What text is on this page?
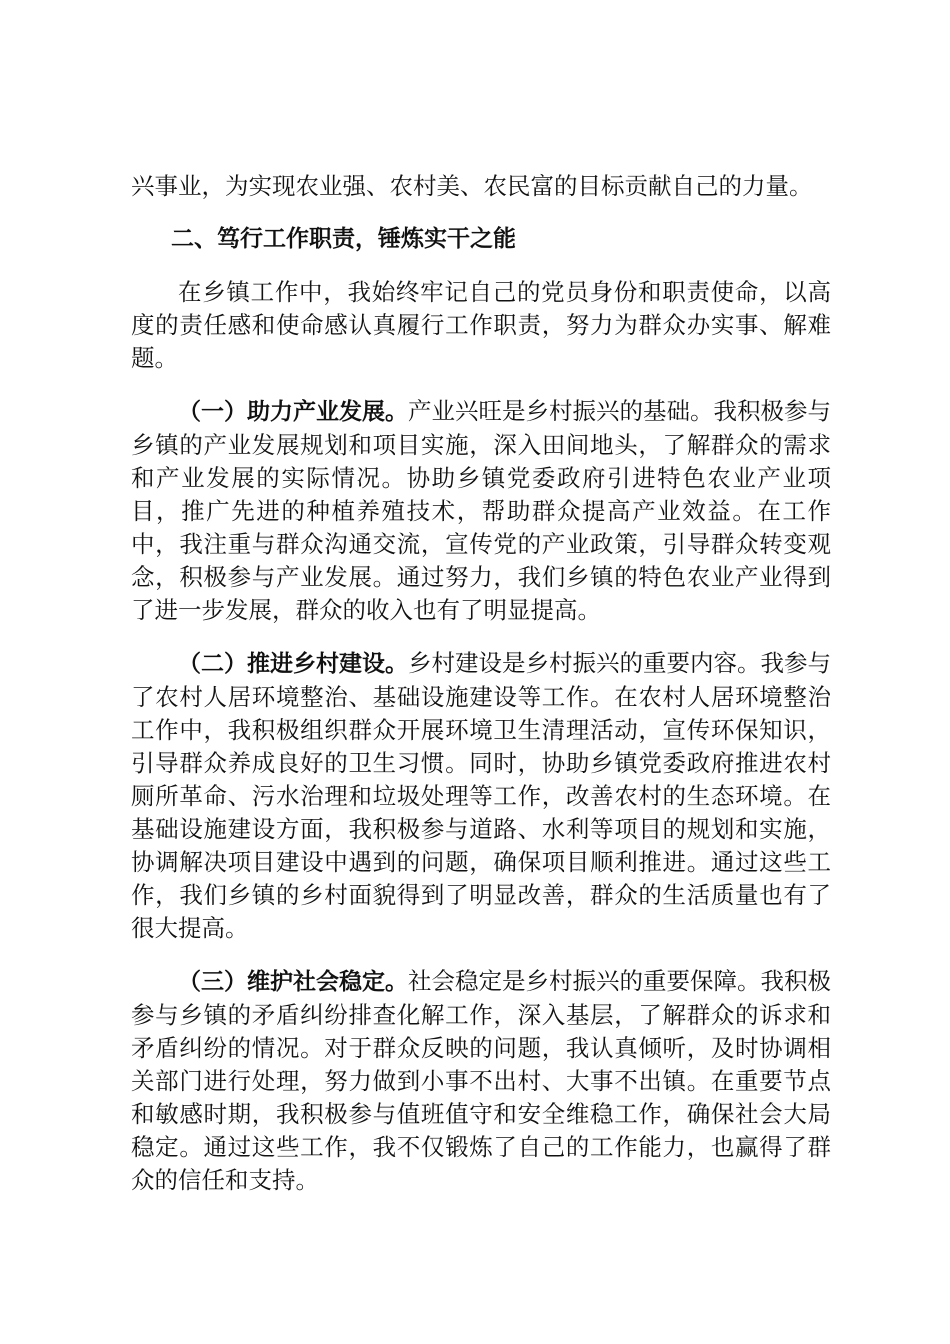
兴事业，为实现农业强、农村美、农民富的目标贡献自己的力量。

二、笃行工作职责，锤炼实干之能

在乡镇工作中，我始终牢记自己的党员身份和职责使命，以高度的责任感和使命感认真履行工作职责，努力为群众办实事、解难题。

（一）助力产业发展。产业兴旺是乡村振兴的基础。我积极参与乡镇的产业发展规划和项目实施，深入田间地头，了解群众的需求和产业发展的实际情况。协助乡镇党委政府引进特色农业产业项目，推广先进的种植养殖技术，帮助群众提高产业效益。在工作中，我注重与群众沟通交流，宣传党的产业政策，引导群众转变观念，积极参与产业发展。通过努力，我们乡镇的特色农业产业得到了进一步发展，群众的收入也有了明显提高。

（二）推进乡村建设。乡村建设是乡村振兴的重要内容。我参与了农村人居环境整治、基础设施建设等工作。在农村人居环境整治工作中，我积极组织群众开展环境卫生清理活动，宣传环保知识，引导群众养成良好的卫生习惯。同时，协助乡镇党委政府推进农村厕所革命、污水治理和垃圾处理等工作，改善农村的生态环境。在基础设施建设方面，我积极参与道路、水利等项目的规划和实施，协调解决项目建设中遇到的问题，确保项目顺利推进。通过这些工作，我们乡镇的乡村面貌得到了明显改善，群众的生活质量也有了很大提高。

（三）维护社会稳定。社会稳定是乡村振兴的重要保障。我积极参与乡镇的矛盾纠纷排查化解工作，深入基层，了解群众的诉求和矛盾纠纷的情况。对于群众反映的问题，我认真倾听，及时协调相关部门进行处理，努力做到小事不出村、大事不出镇。在重要节点和敏感时期，我积极参与值班值守和安全维稳工作，确保社会大局稳定。通过这些工作，我不仅锻炼了自己的工作能力，也赢得了群众的信任和支持。
